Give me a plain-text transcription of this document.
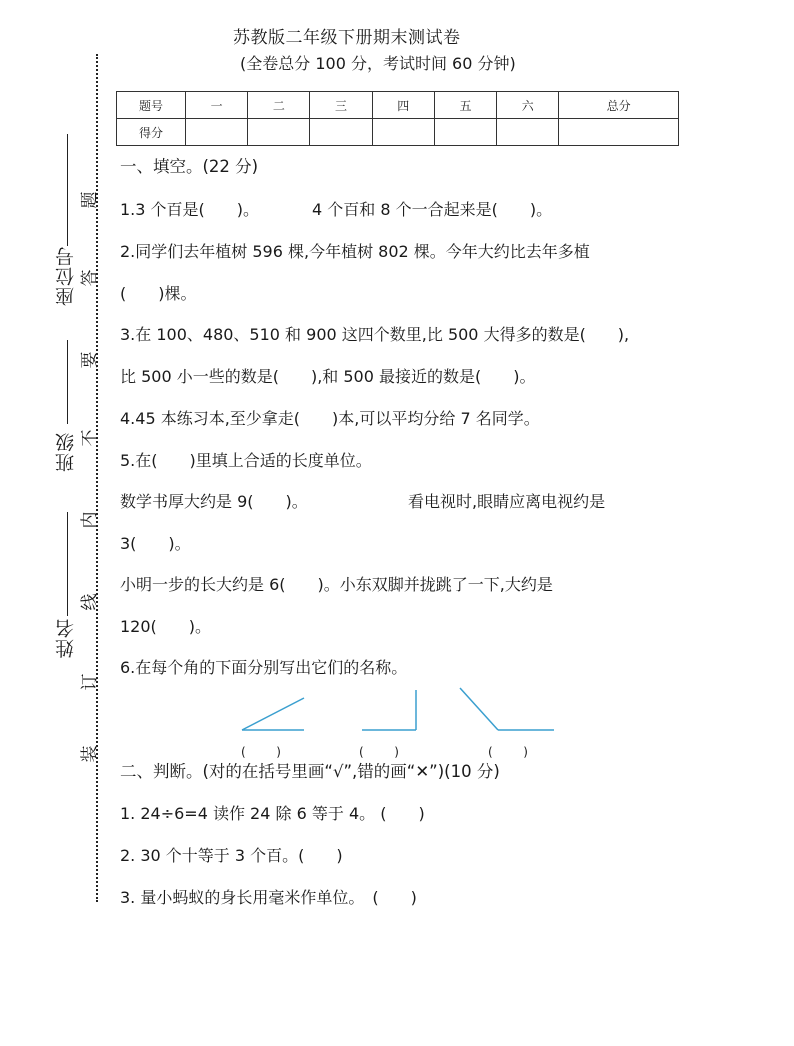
座位号
班级
姓名
题
答
要
不
内
线
订
装
苏教版二年级下册期末测试卷
(全卷总分 100 分，考试时间 60 分钟)
题号	一	二	三	四	五	六	总分
得分							
一、填空。(22 分)
1.3 个百是(　　)。	4 个百和 8 个一合起来是(　　)。
2.同学们去年植树 596 棵,今年植树 802 棵。今年大约比去年多植
(　　)棵。
3.在 100、480、510 和 900 这四个数里,比 500 大得多的数是(　　),
比 500 小一些的数是(　　),和 500 最接近的数是(　　)。
4.45 本练习本,至少拿走(　　)本,可以平均分给 7 名同学。
5.在(　　)里填上合适的长度单位。
数学书厚大约是 9(　　)。	看电视时,眼睛应离电视约是
3(　　)。
小明一步的长大约是 6(　　)。小东双脚并拢跳了一下,大约是
120(　　)。
6.在每个角的下面分别写出它们的名称。
(        )	(        )	(        )
二、判断。(对的在括号里画“√”,错的画“✕”)(10 分)
1. 24÷6=4 读作 24 除 6 等于 4。 (　　)
2. 30 个十等于 3 个百。(　　)
3. 量小蚂蚁的身长用毫米作单位。　(　　)
